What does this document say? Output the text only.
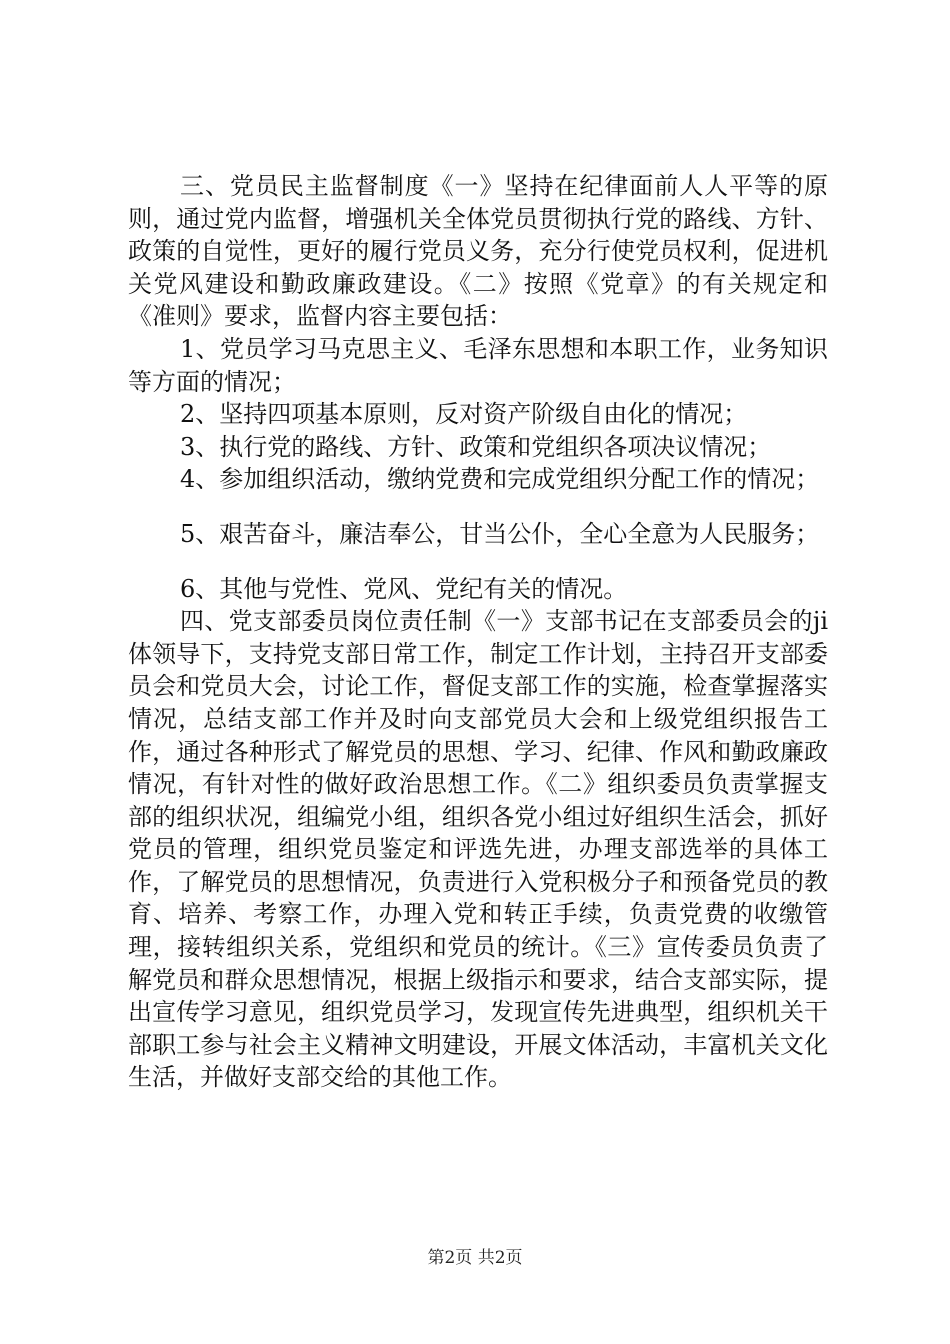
三、党员民主监督制度《一》坚持在纪律面前人人平等的原则，通过党内监督，增强机关全体党员贯彻执行党的路线、方针、政策的自觉性，更好的履行党员义务，充分行使党员权利，促进机关党风建设和勤政廉政建设。《二》按照《党章》的有关规定和《准则》要求，监督内容主要包括：

1、党员学习马克思主义、毛泽东思想和本职工作，业务知识等方面的情况；

2、坚持四项基本原则，反对资产阶级自由化的情况；

3、执行党的路线、方针、政策和党组织各项决议情况；

4、参加组织活动，缴纳党费和完成党组织分配工作的情况；

5、艰苦奋斗，廉洁奉公，甘当公仆，全心全意为人民服务；

6、其他与党性、党风、党纪有关的情况。

四、党支部委员岗位责任制《一》支部书记在支部委员会的ji体领导下，支持党支部日常工作，制定工作计划，主持召开支部委员会和党员大会，讨论工作，督促支部工作的实施，检查掌握落实情况，总结支部工作并及时向支部党员大会和上级党组织报告工作，通过各种形式了解党员的思想、学习、纪律、作风和勤政廉政情况，有针对性的做好政治思想工作。《二》组织委员负责掌握支部的组织状况，组编党小组，组织各党小组过好组织生活会，抓好党员的管理，组织党员鉴定和评选先进，办理支部选举的具体工作，了解党员的思想情况，负责进行入党积极分子和预备党员的教育、培养、考察工作，办理入党和转正手续，负责党费的收缴管理，接转组织关系，党组织和党员的统计。《三》宣传委员负责了解党员和群众思想情况，根据上级指示和要求，结合支部实际，提出宣传学习意见，组织党员学习，发现宣传先进典型，组织机关干部职工参与社会主义精神文明建设，开展文体活动，丰富机关文化生活，并做好支部交给的其他工作。

第2页 共2页
